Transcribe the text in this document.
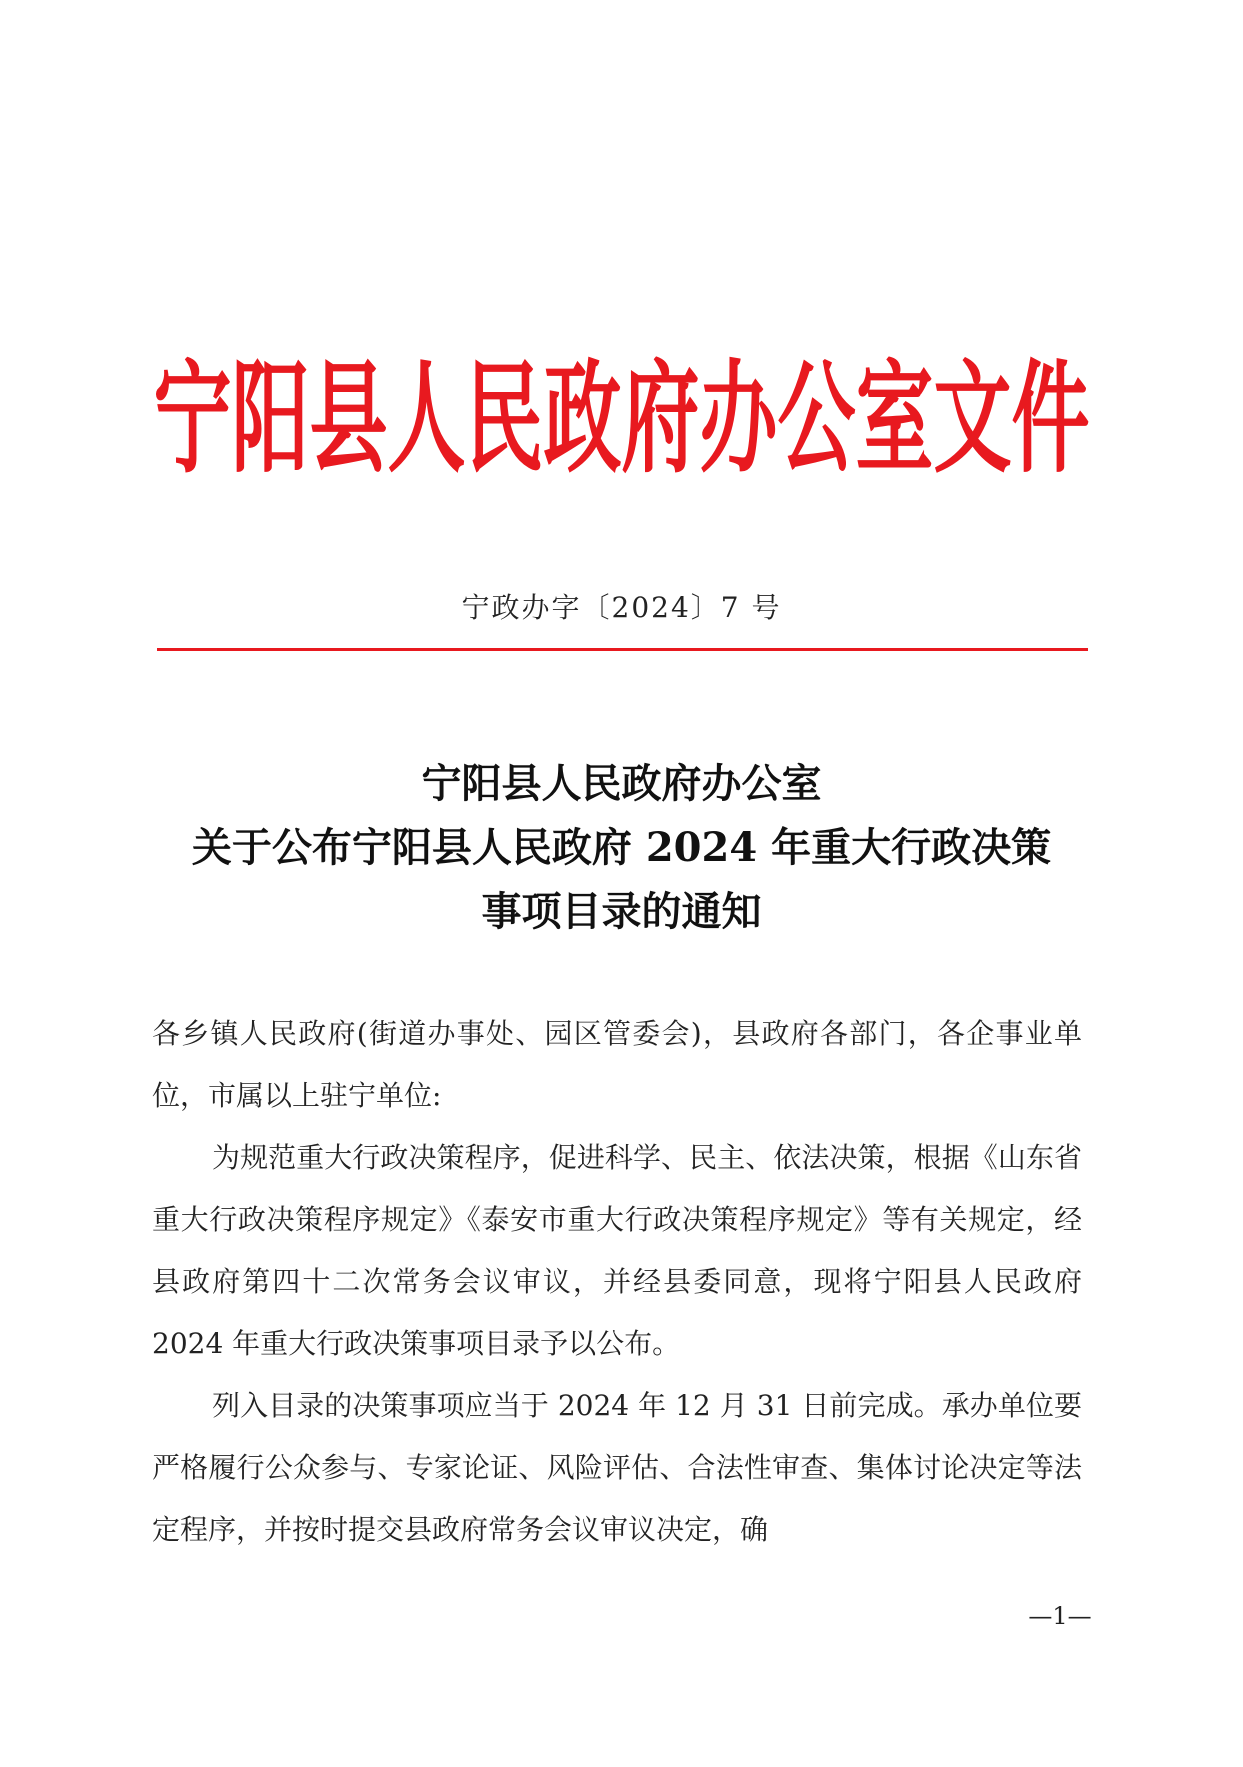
宁阳县人民政府办公室文件
宁政办字〔2024〕7 号
宁阳县人民政府办公室
关于公布宁阳县人民政府 2024 年重大行政决策
事项目录的通知

各乡镇人民政府(街道办事处、园区管委会)，县政府各部门，各企事业单位，市属以上驻宁单位:

为规范重大行政决策程序，促进科学、民主、依法决策，根据《山东省重大行政决策程序规定》《泰安市重大行政决策程序规定》等有关规定，经县政府第四十二次常务会议审议，并经县委同意，现将宁阳县人民政府 2024 年重大行政决策事项目录予以公布。

列入目录的决策事项应当于 2024 年 12 月 31 日前完成。承办单位要严格履行公众参与、专家论证、风险评估、合法性审查、集体讨论决定等法定程序，并按时提交县政府常务会议审议决定，确

—1—
